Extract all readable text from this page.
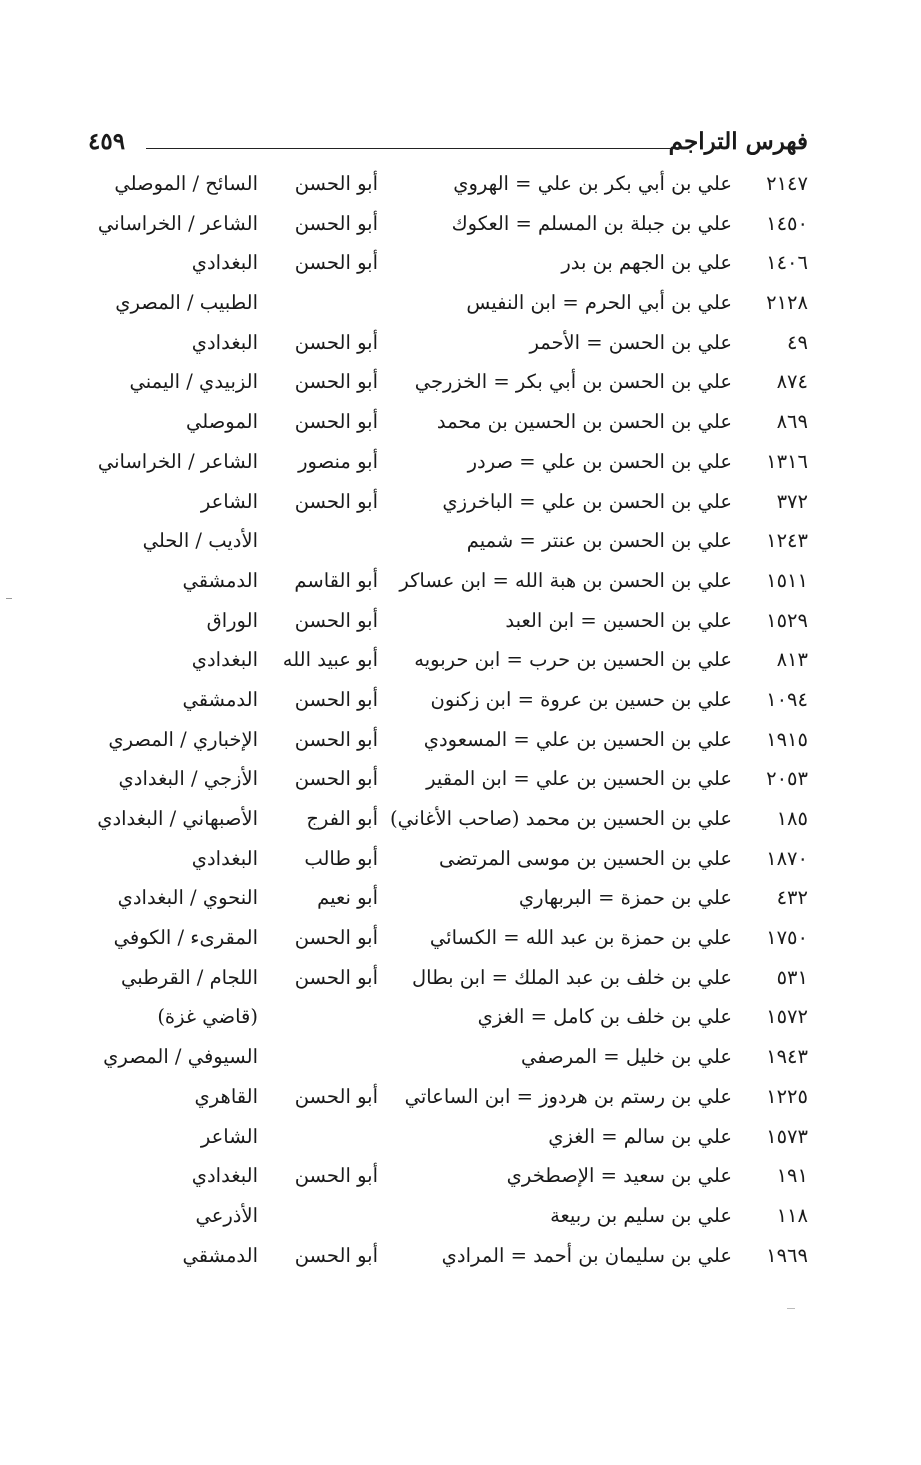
فهرس التراجم
٤٥٩
٢١٤٧
علي بن أبي بكر بن علي = الهروي
أبو الحسن
السائح / الموصلي
١٤٥٠
علي بن جبلة بن المسلم = العكوك
أبو الحسن
الشاعر / الخراساني
١٤٠٦
علي بن الجهم بن بدر
أبو الحسن
البغدادي
٢١٢٨
علي بن أبي الحرم = ابن النفيس
الطبيب / المصري
٤٩
علي بن الحسن = الأحمر
أبو الحسن
البغدادي
٨٧٤
علي بن الحسن بن أبي بكر = الخزرجي
أبو الحسن
الزبيدي / اليمني
٨٦٩
علي بن الحسن بن الحسين بن محمد
أبو الحسن
الموصلي
١٣١٦
علي بن الحسن بن علي = صردر
أبو منصور
الشاعر / الخراساني
٣٧٢
علي بن الحسن بن علي = الباخرزي
أبو الحسن
الشاعر
١٢٤٣
علي بن الحسن بن عنتر = شميم
الأديب / الحلي
١٥١١
علي بن الحسن بن هبة الله = ابن عساكر
أبو القاسم
الدمشقي
١٥٢٩
علي بن الحسين = ابن العبد
أبو الحسن
الوراق
٨١٣
علي بن الحسين بن حرب = ابن حربويه
أبو عبيد الله
البغدادي
١٠٩٤
علي بن حسين بن عروة = ابن زكنون
أبو الحسن
الدمشقي
١٩١٥
علي بن الحسين بن علي = المسعودي
أبو الحسن
الإخباري / المصري
٢٠٥٣
علي بن الحسين بن علي = ابن المقير
أبو الحسن
الأزجي / البغدادي
١٨٥
علي بن الحسين بن محمد (صاحب الأغاني)
أبو الفرج
الأصبهاني / البغدادي
١٨٧٠
علي بن الحسين بن موسى المرتضى
أبو طالب
البغدادي
٤٣٢
علي بن حمزة = البربهاري
أبو نعيم
النحوي / البغدادي
١٧٥٠
علي بن حمزة بن عبد الله = الكسائي
أبو الحسن
المقرىء / الكوفي
٥٣١
علي بن خلف بن عبد الملك = ابن بطال
أبو الحسن
اللجام / القرطبي
١٥٧٢
علي بن خلف بن كامل = الغزي
(قاضي غزة)
١٩٤٣
علي بن خليل = المرصفي
السيوفي / المصري
١٢٢٥
علي بن رستم بن هردوز = ابن الساعاتي
أبو الحسن
القاهري
١٥٧٣
علي بن سالم = الغزي
الشاعر
١٩١
علي بن سعيد = الإصطخري
أبو الحسن
البغدادي
١١٨
علي بن سليم بن ربيعة
الأذرعي
١٩٦٩
علي بن سليمان بن أحمد = المرادي
أبو الحسن
الدمشقي
